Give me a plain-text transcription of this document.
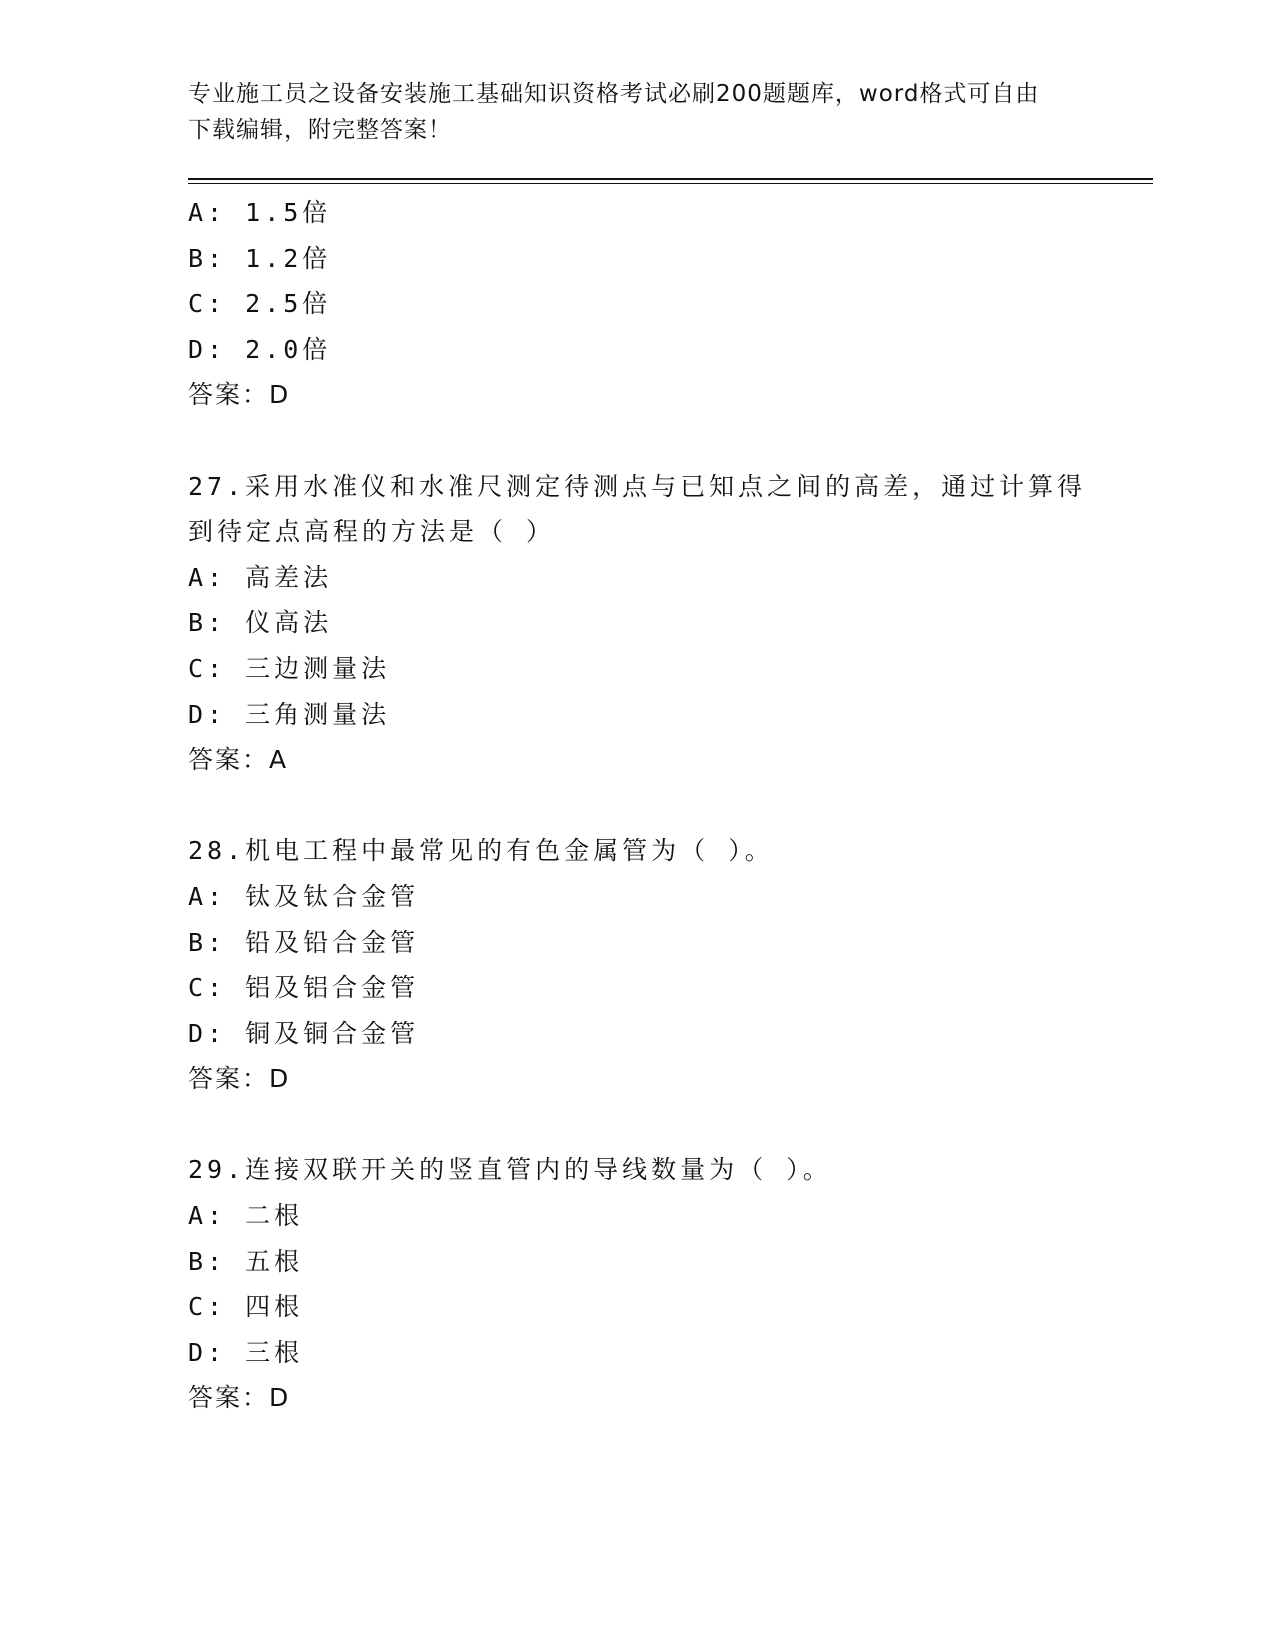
专业施工员之设备安装施工基础知识资格考试必刷200题题库，word格式可自由
下载编辑，附完整答案！
A: 1.5倍
B: 1.2倍
C: 2.5倍
D: 2.0倍
答案：D
27.采用水准仪和水准尺测定待测点与已知点之间的高差，通过计算得
到待定点高程的方法是（ ）
A: 高差法
B: 仪高法
C: 三边测量法
D: 三角测量法
答案：A
28.机电工程中最常见的有色金属管为（ ）。
A: 钛及钛合金管
B: 铅及铅合金管
C: 铝及铝合金管
D: 铜及铜合金管
答案：D
29.连接双联开关的竖直管内的导线数量为（ ）。
A: 二根
B: 五根
C: 四根
D: 三根
答案：D
